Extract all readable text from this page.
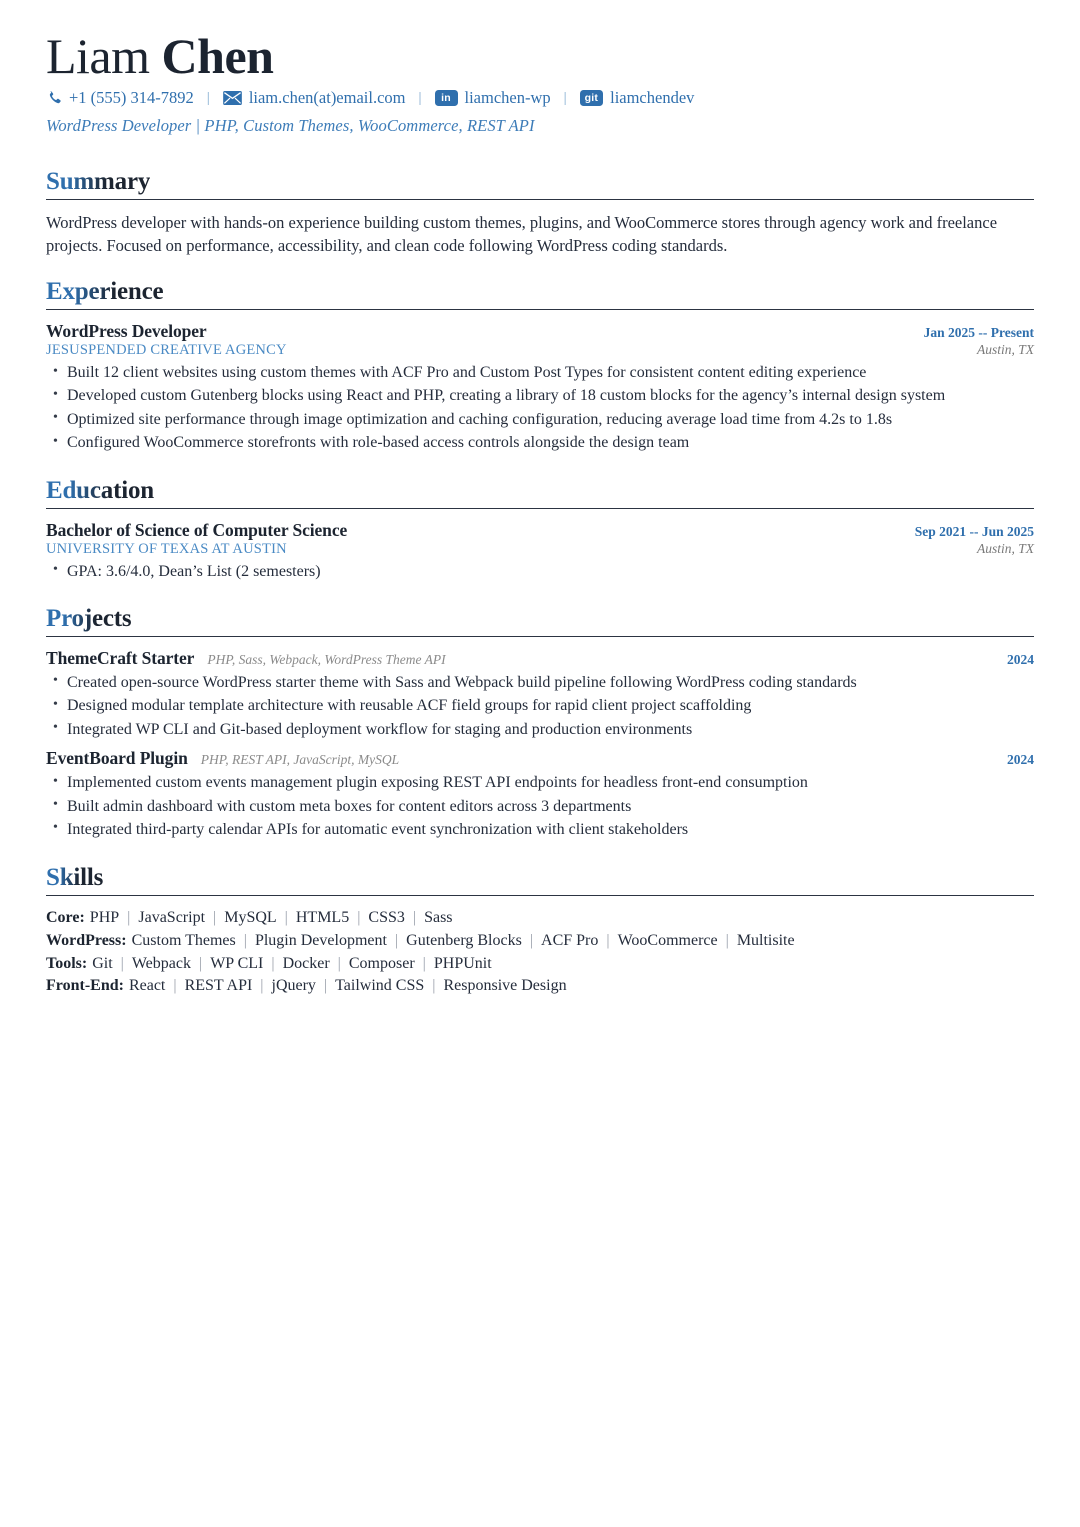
Liam Chen
+1 (555) 314-7892 |	liam.chen(at)email.com |	in liamchen-wp |	git liamchendev
WordPress Developer | PHP, Custom Themes, WooCommerce, REST API
Summary

WordPress developer with hands-on experience building custom themes, plugins, and WooCommerce stores through agency work and freelance projects. Focused on performance, accessibility, and clean code following WordPress coding standards.

Experience
WordPress Developer	Jan 2025 -- Present
JESUSPENDED CREATIVE AGENCY	Austin, TX
• Built 12 client websites using custom themes with ACF Pro and Custom Post Types for consistent content editing experience
• Developed custom Gutenberg blocks using React and PHP, creating a library of 18 custom blocks for the agency’s internal design system
• Optimized site performance through image optimization and caching configuration, reducing average load time from 4.2s to 1.8s
• Configured WooCommerce storefronts with role-based access controls alongside the design team
Education
Bachelor of Science of Computer Science	Sep 2021 -- Jun 2025
UNIVERSITY OF TEXAS AT AUSTIN	Austin, TX
• GPA: 3.6/4.0, Dean’s List (2 semesters)
Projects
ThemeCraft Starter PHP, Sass, Webpack, WordPress Theme API	2024
• Created open-source WordPress starter theme with Sass and Webpack build pipeline following WordPress coding standards
• Designed modular template architecture with reusable ACF field groups for rapid client project scaffolding
• Integrated WP CLI and Git-based deployment workflow for staging and production environments
EventBoard Plugin PHP, REST API, JavaScript, MySQL	2024
• Implemented custom events management plugin exposing REST API endpoints for headless front-end consumption
• Built admin dashboard with custom meta boxes for content editors across 3 departments
• Integrated third-party calendar APIs for automatic event synchronization with client stakeholders
Skills
Core: PHP | JavaScript | MySQL | HTML5 | CSS3 | Sass
WordPress: Custom Themes | Plugin Development | Gutenberg Blocks | ACF Pro | WooCommerce | Multisite
Tools: Git | Webpack | WP CLI | Docker | Composer | PHPUnit
Front-End: React | REST API | jQuery | Tailwind CSS | Responsive Design
